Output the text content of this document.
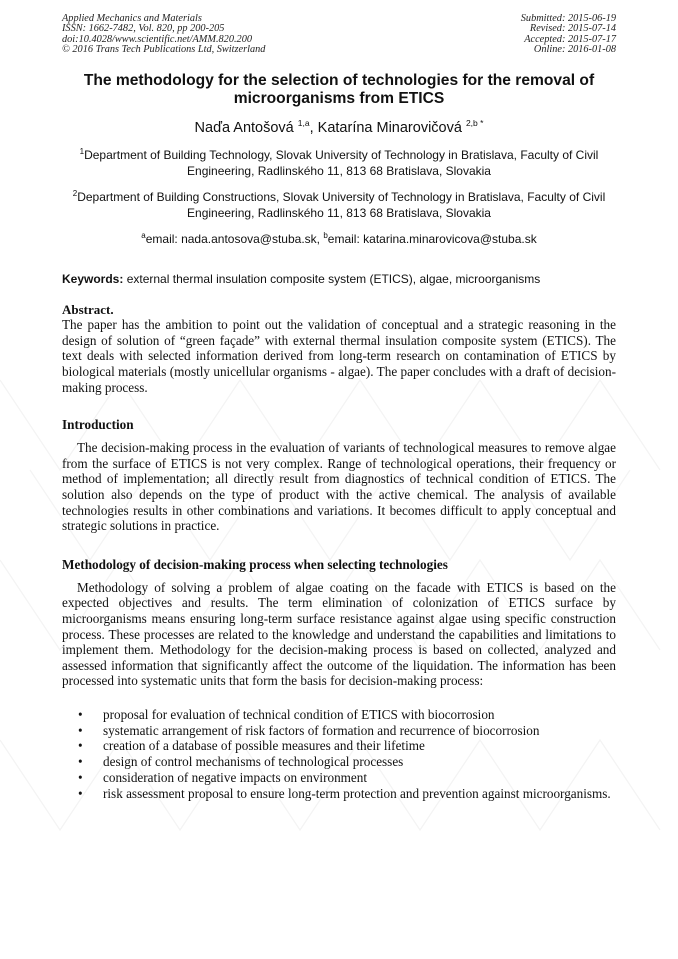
Applied Mechanics and Materials
ISSN: 1662-7482, Vol. 820, pp 200-205
doi:10.4028/www.scientific.net/AMM.820.200
© 2016 Trans Tech Publications Ltd, Switzerland
Submitted: 2015-06-19
Revised: 2015-07-14
Accepted: 2015-07-17
Online: 2016-01-08
The methodology for the selection of technologies for the removal of microorganisms from ETICS
Naďa Antošová $^{1,a}$, Katarína Minarovičová $^{2,b *}$
$^1$Department of Building Technology, Slovak University of Technology in Bratislava, Faculty of Civil Engineering, Radlinského 11, 813 68 Bratislava, Slovakia
$^2$Department of Building Constructions, Slovak University of Technology in Bratislava, Faculty of Civil Engineering, Radlinského 11, 813 68 Bratislava, Slovakia
$^a$email: nada.antosova@stuba.sk, $^b$email: katarina.minarovicova@stuba.sk
Keywords: external thermal insulation composite system (ETICS), algae, microorganisms
Abstract.

The paper has the ambition to point out the validation of conceptual and a strategic reasoning in the design of solution of “green façade” with external thermal insulation composite system (ETICS). The text deals with selected information derived from long-term research on contamination of ETICS by biological materials (mostly unicellular organisms - algae). The paper concludes with a draft of decision-making process.

Introduction

The decision-making process in the evaluation of variants of technological measures to remove algae from the surface of ETICS is not very complex. Range of technological operations, their frequency or method of implementation; all directly result from diagnostics of technical condition of ETICS. The solution also depends on the type of product with the active chemical. The analysis of available technologies results in other combinations and variations. It becomes difficult to apply conceptual and strategic solutions in practice.

Methodology of decision-making process when selecting technologies

Methodology of solving a problem of algae coating on the facade with ETICS is based on the expected objectives and results. The term elimination of colonization of ETICS surface by microorganisms means ensuring long-term surface resistance against algae using specific construction process. These processes are related to the knowledge and understand the capabilities and limitations to implement them. Methodology for the decision-making process is based on collected, analyzed and assessed information that significantly affect the outcome of the liquidation. The information has been processed into systematic units that form the basis for decision-making process:

• proposal for evaluation of technical condition of ETICS with biocorrosion
• systematic arrangement of risk factors of formation and recurrence of biocorrosion
• creation of a database of possible measures and their lifetime
• design of control mechanisms of technological processes
• consideration of negative impacts on environment
• risk assessment proposal to ensure long-term protection and prevention against microorganisms.
